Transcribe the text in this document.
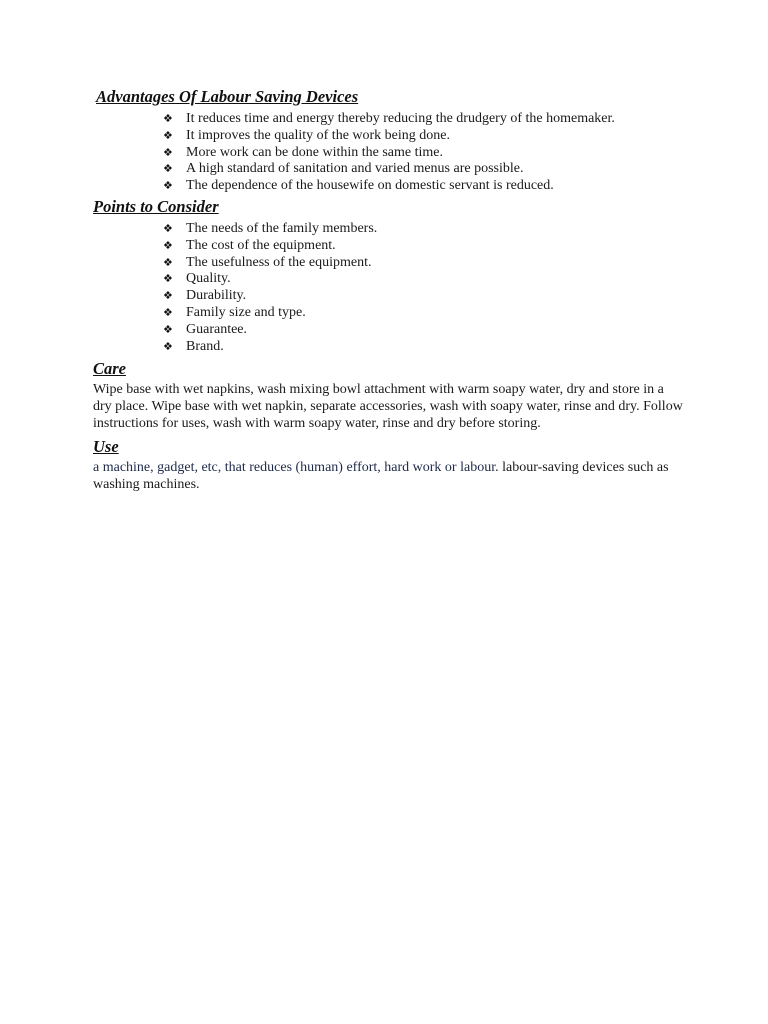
Advantages Of Labour Saving Devices
❖ It reduces time and energy thereby reducing the drudgery of the homemaker.
❖ It improves the quality of the work being done.
❖ More work can be done within the same time.
❖ A high standard of sanitation and varied menus are possible.
❖ The dependence of the housewife on domestic servant is reduced.
Points to Consider
❖ The needs of the family members.
❖ The cost of the equipment.
❖ The usefulness of the equipment.
❖ Quality.
❖ Durability.
❖ Family size and type.
❖ Guarantee.
❖ Brand.
Care

Wipe base with wet napkins, wash mixing bowl attachment with warm soapy water, dry and store in a dry place. Wipe base with wet napkin, separate accessories, wash with soapy water, rinse and dry. Follow instructions for uses, wash with warm soapy water, rinse and dry before storing.

Use

a machine, gadget, etc, that reduces (human) effort, hard work or labour. labour-saving devices such as washing machines.
